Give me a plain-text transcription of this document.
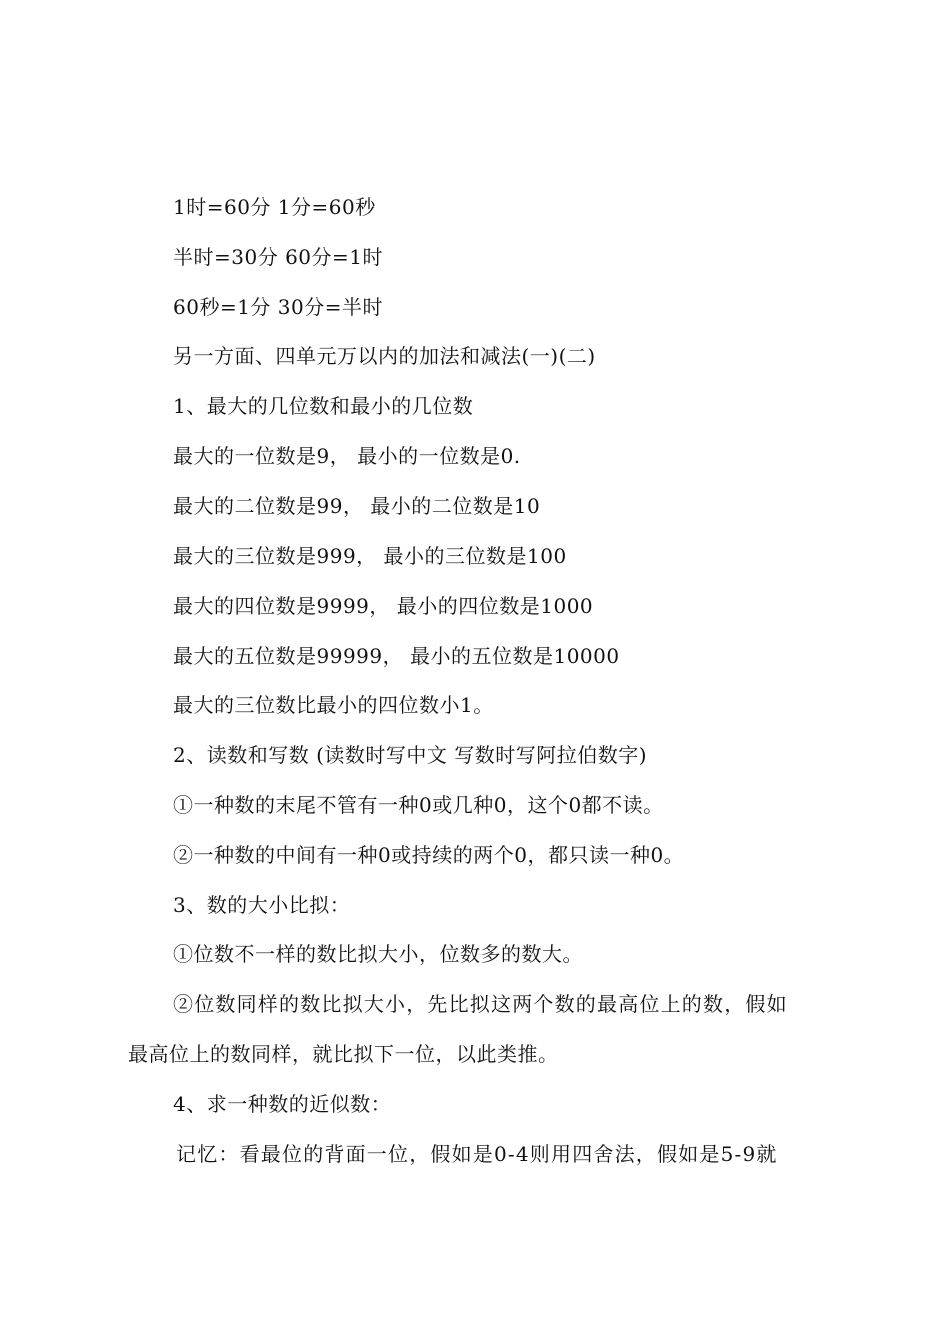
1时=60分 1分=60秒
半时=30分 60分=1时
60秒=1分 30分=半时
另一方面、四单元万以内的加法和减法(一)(二)
1、最大的几位数和最小的几位数
最大的一位数是9， 最小的一位数是0.
最大的二位数是99， 最小的二位数是10
最大的三位数是999， 最小的三位数是100
最大的四位数是9999， 最小的四位数是1000
最大的五位数是99999， 最小的五位数是10000
最大的三位数比最小的四位数小1。
2、读数和写数 (读数时写中文 写数时写阿拉伯数字)
①一种数的末尾不管有一种0或几种0，这个0都不读。
②一种数的中间有一种0或持续的两个0，都只读一种0。
3、数的大小比拟：
①位数不一样的数比拟大小，位数多的数大。
②位数同样的数比拟大小，先比拟这两个数的最高位上的数，假如
最高位上的数同样，就比拟下一位，以此类推。
4、求一种数的近似数：
记忆：看最位的背面一位，假如是0-4则用四舍法，假如是5-9就
